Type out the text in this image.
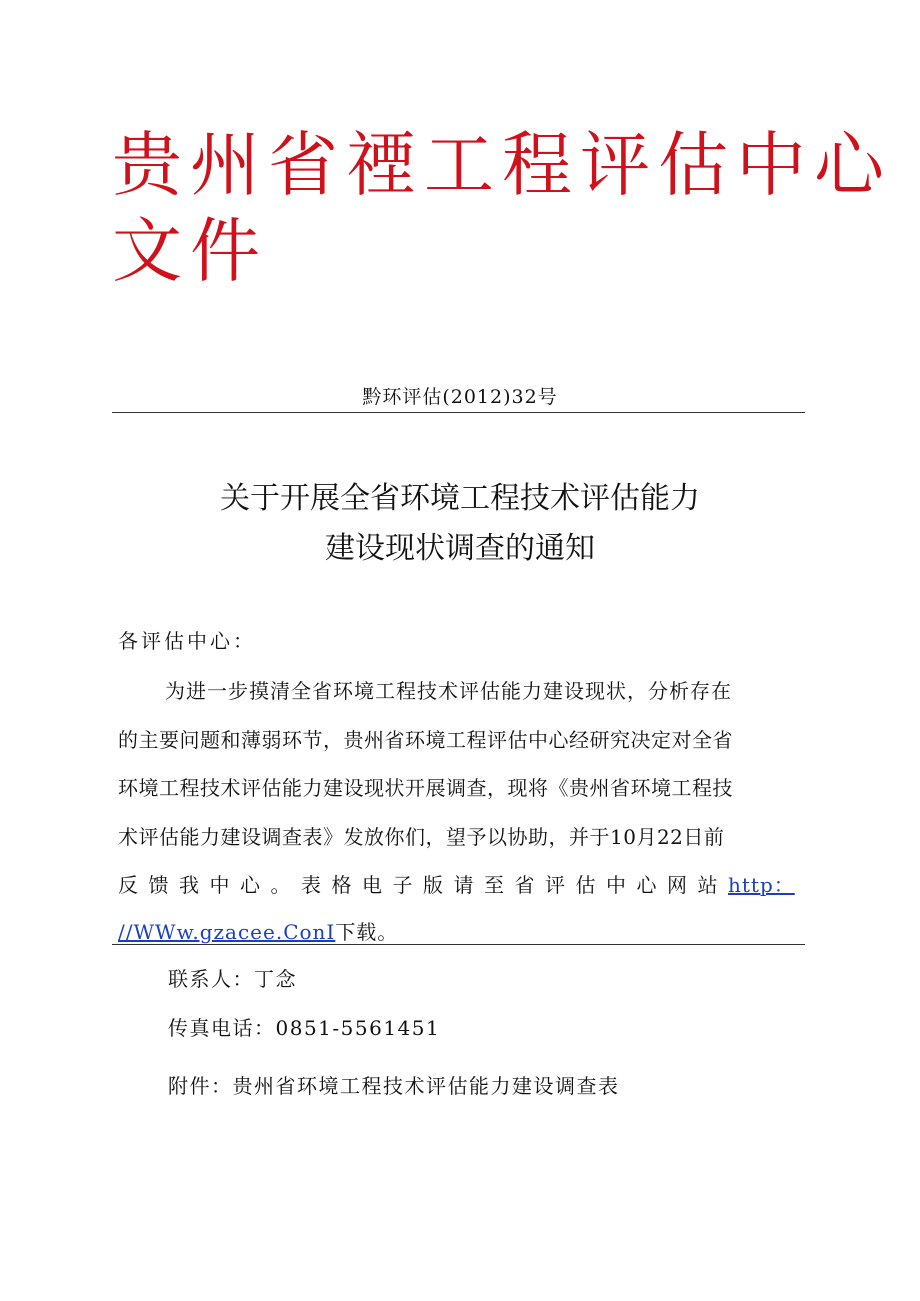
贵州省禋工程评估中心
文件
黔环评估(2012)32号
关于开展全省环境工程技术评估能力
建设现状调查的通知
各评估中心：
为进一步摸清全省环境工程技术评估能力建设现状，分析存在
的主要问题和薄弱环节，贵州省环境工程评估中心经研究决定对全省
环境工程技术评估能力建设现状开展调查，现将《贵州省环境工程技
术评估能力建设调查表》发放你们，望予以协助，并于10月22日前
反馈我中心。表格电子版请至省评估中心网站http：
//WWw.gzacee.ConI下载。
联系人：丁念
传真电话：0851-5561451
附件：贵州省环境工程技术评估能力建设调查表
